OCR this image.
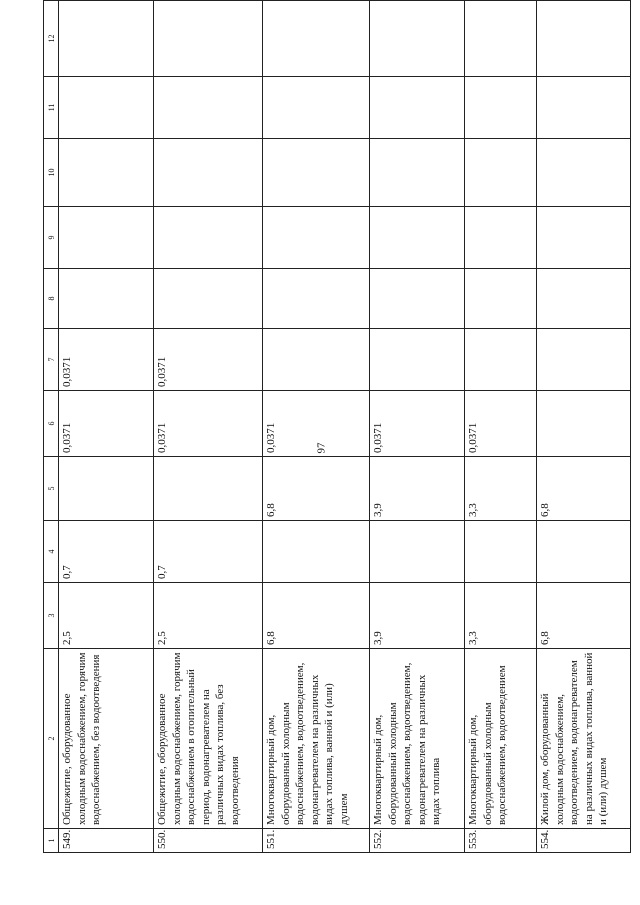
97
1	2	3	4	5	6	7	8	9	10	11	12
549.	Общежитие, оборудованное холодным водоснабжением, горячим водоснабжением, без водоотведения	2,5	0,7		0,0371	0,0371					
550.	Общежитие, оборудованное холодным водоснабжением, горячим водоснабжением в отопительный период, водонагревателем на различных видах топлива, без водоотведения	2,5	0,7		0,0371	0,0371					
551.	Многоквартирный дом, оборудованный холодным водоснабжением, водоотведением, водонагревателем на различных видах топлива, ванной и (или) душем	6,8		6,8	0,0371						
552.	Многоквартирный дом, оборудованный холодным водоснабжением, водоотведением, водонагревателем на различных видах топлива	3,9		3,9	0,0371						
553.	Многоквартирный дом, оборудованный холодным водоснабжением, водоотведением	3,3		3,3	0,0371						
554.	Жилой дом, оборудованный холодным водоснабжением, водоотведением, водонагревателем на различных видах топлива, ванной и (или) душем	6,8		6,8							
